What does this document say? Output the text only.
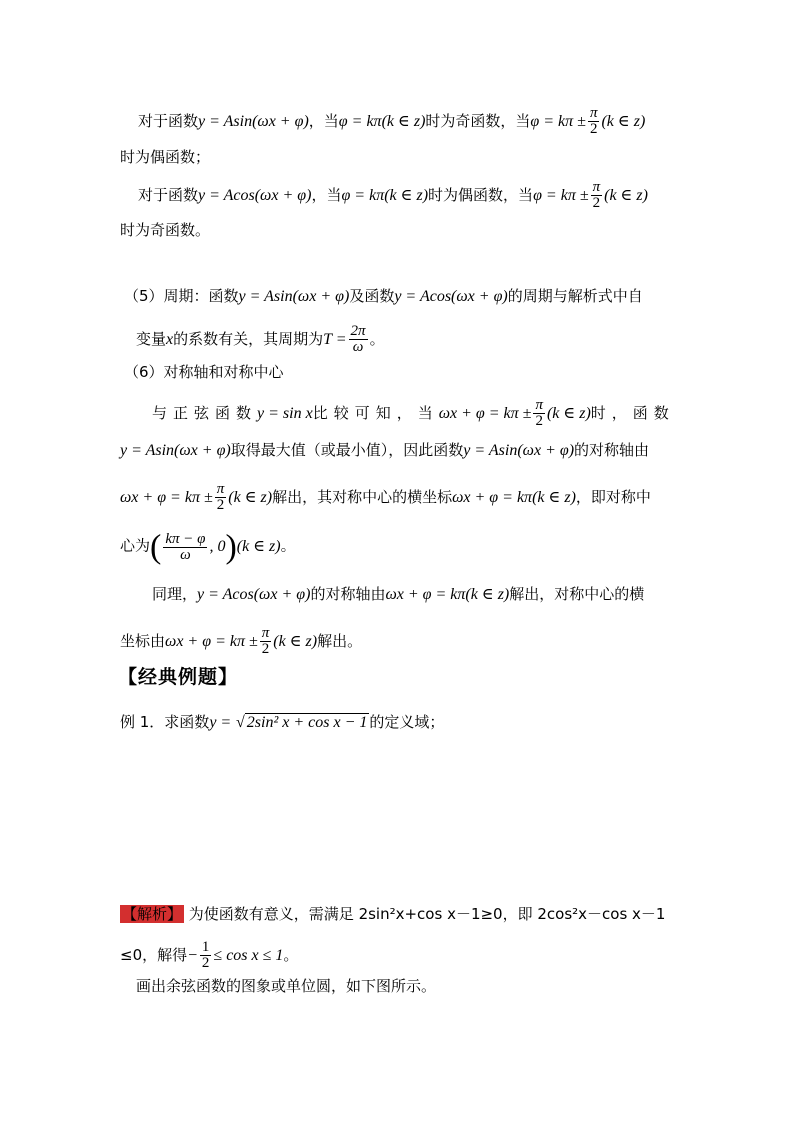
对于函数y = Asin(ωx + φ)，当φ = kπ(k ∈ z)时为奇函数，当$\varphi = k\pi \pm \frac{\pi}{2} (k$ ∈ z)
时为偶函数；
对于函数y = Acos(ωx + φ)，当φ = kπ(k ∈ z)时为偶函数，当$\varphi = k\pi \pm \frac{\pi}{2} (k$ ∈ z)
时为奇函数。
（5）周期：函数y = Asin(ωx + φ)及函数y = Acos(ωx + φ)的周期与解析式中自
变量x的系数有关，其周期为$T = \frac{2\pi}{\omega}$ 。
（6）对称轴和对称中心
与正弦函数y = sin x比较可知，当$\omega x + \varphi = k\pi \pm \frac{\pi}{2} (k$ ∈ z)时，函数
y = Asin(ωx + φ)取得最大值（或最小值），因此函数y = Asin(ωx + φ)的对称轴由
$\omega x + \varphi = k\pi \pm \frac{\pi}{2} (k$ ∈ z)解出，其对称中心的横坐标ωx + φ = kπ(k ∈ z)，即对称中
心为( $\frac{k\pi - \varphi}{\omega}$ , 0)(k ∈ z)。
同理，y = Acos(ωx + φ)的对称轴由ωx + φ = kπ(k ∈ z)解出，对称中心的横
坐标由$\omega x + \varphi = k\pi \pm \frac{\pi}{2} (k$ ∈ z)解出。
【经典例题】
例 1．求函数y = √ 2sin² x + cos x − 1 的定义域；
【解析】 为使函数有意义，需满足 2sin²x+cos x－1≥0，即 2cos²x－cos x－1
≤0，解得− $\frac{1}{2} \le \cos x \le 1$。
画出余弦函数的图象或单位圆，如下图所示。
